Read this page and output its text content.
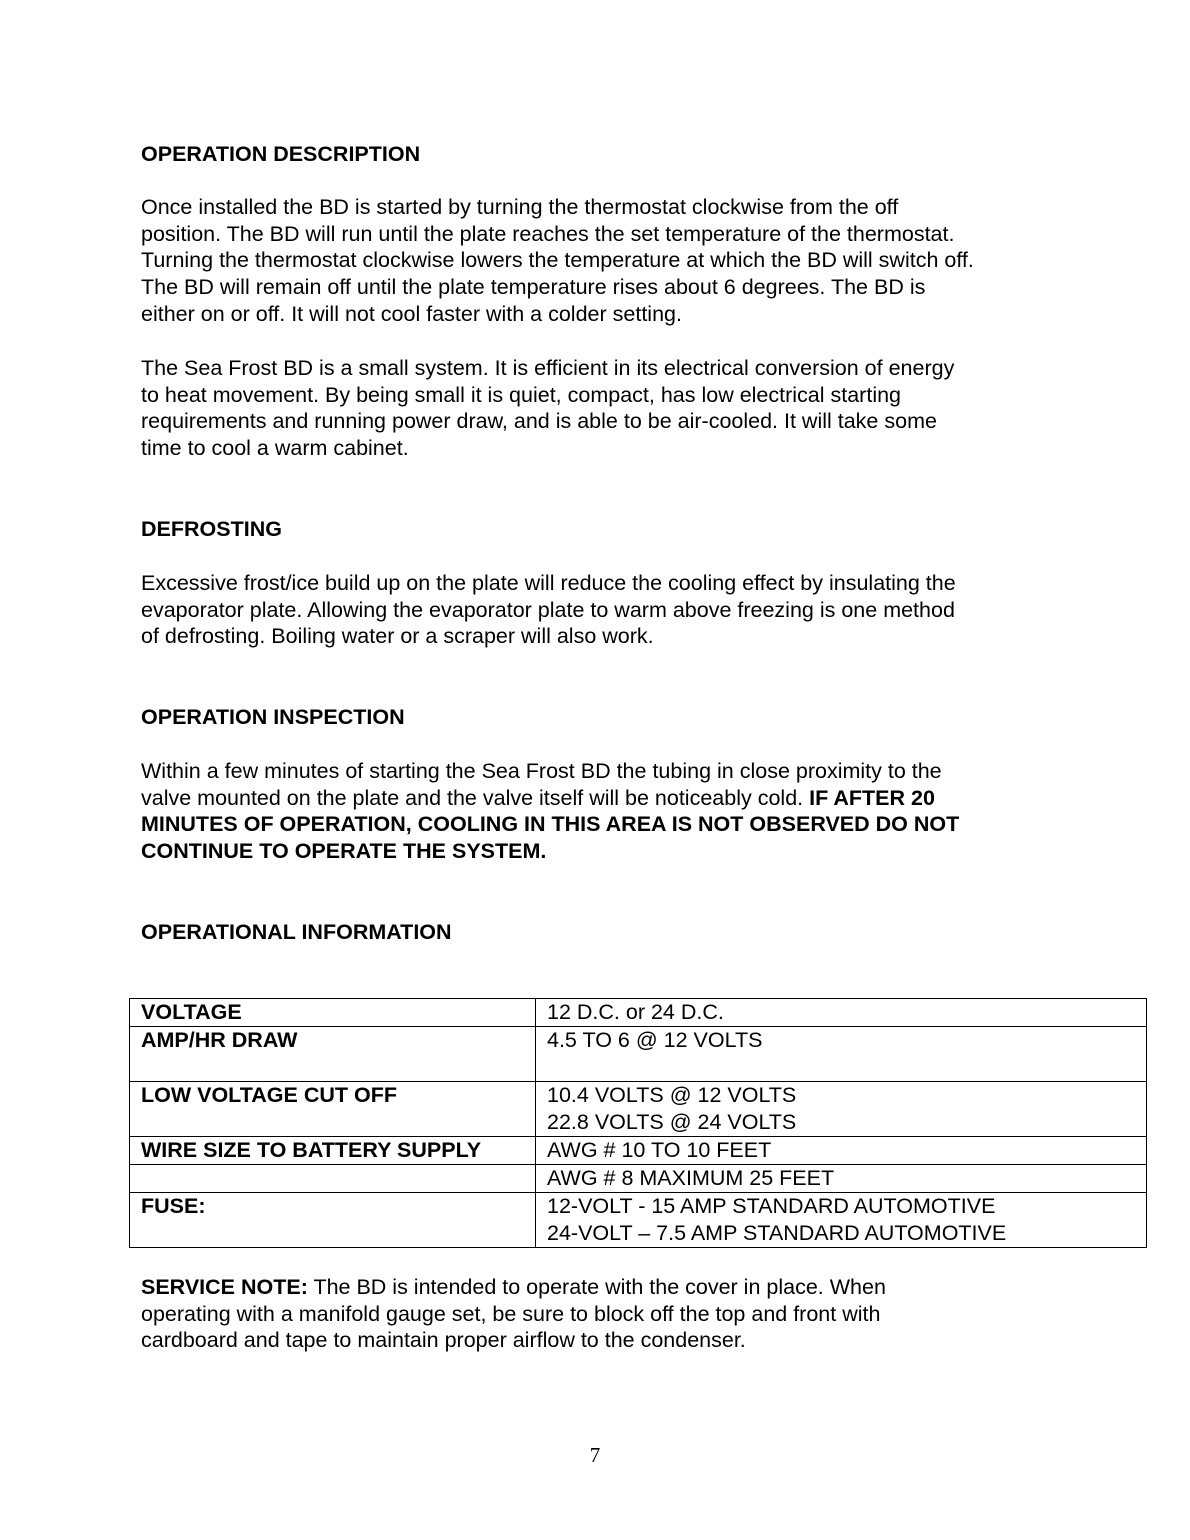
OPERATION DESCRIPTION
Once installed the BD is started by turning the thermostat clockwise from the off
position. The BD will run until the plate reaches the set temperature of the thermostat.
Turning the thermostat clockwise lowers the temperature at which the BD will switch off.
The BD will remain off until the plate temperature rises about 6 degrees. The BD is
either on or off. It will not cool faster with a colder setting.
The Sea Frost BD is a small system. It is efficient in its electrical conversion of energy
to heat movement. By being small it is quiet, compact, has low electrical starting
requirements and running power draw, and is able to be air-cooled. It will take some
time to cool a warm cabinet.
DEFROSTING
Excessive frost/ice build up on the plate will reduce the cooling effect by insulating the
evaporator plate. Allowing the evaporator plate to warm above freezing is one method
of defrosting. Boiling water or a scraper will also work.
OPERATION INSPECTION
Within a few minutes of starting the Sea Frost BD the tubing in close proximity to the
valve mounted on the plate and the valve itself will be noticeably cold. IF AFTER 20
MINUTES OF OPERATION, COOLING IN THIS AREA IS NOT OBSERVED DO NOT
CONTINUE TO OPERATE THE SYSTEM.
OPERATIONAL INFORMATION
VOLTAGE	12 D.C. or 24 D.C.
AMP/HR DRAW	4.5 TO 6 @ 12 VOLTS
LOW VOLTAGE CUT OFF	10.4 VOLTS @ 12 VOLTS
22.8 VOLTS @ 24 VOLTS

WIRE SIZE TO BATTERY SUPPLY	AWG # 10 TO 10 FEET
	AWG # 8 MAXIMUM 25 FEET
FUSE:	12-VOLT - 15 AMP STANDARD AUTOMOTIVE
24-VOLT – 7.5 AMP STANDARD AUTOMOTIVE
SERVICE NOTE: The BD is intended to operate with the cover in place. When
operating with a manifold gauge set, be sure to block off the top and front with
cardboard and tape to maintain proper airflow to the condenser.
7
